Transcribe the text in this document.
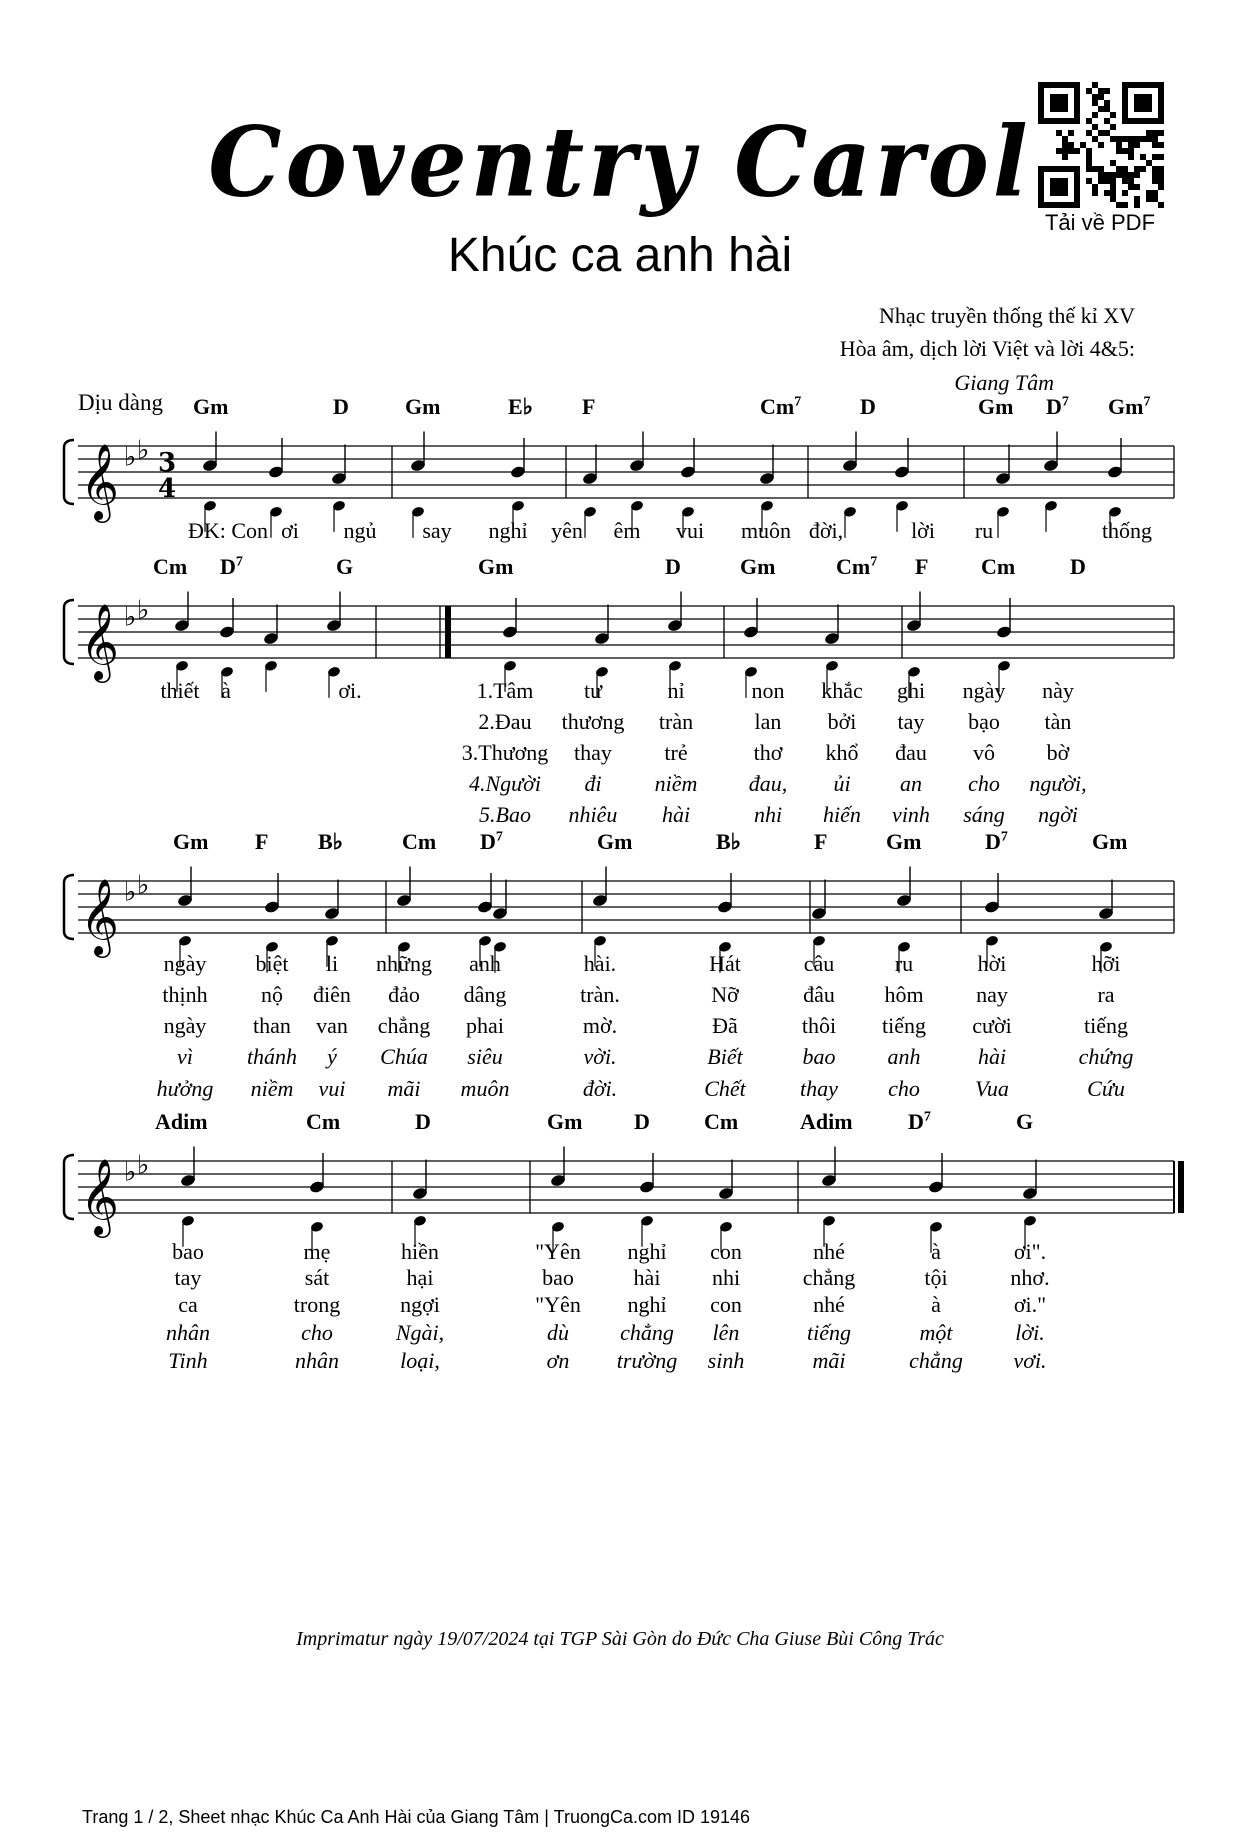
Coventry Carol
Khúc ca anh hài
Tải về PDF
Nhạc truyền thống thế kỉ XV
Hòa âm, dịch lời Việt và lời 4&5:
Giang Tâm
Dịu dàng
𝄞 ♭ ♭ 3
4
Gm	D	Gm	E♭ F	Cm$^7$	D	Gm $D^7$ Gm$^7$
ĐK: Con ơi ngủ say nghỉ yên êm vui muôn đời,	lời ru	thống
𝄞 ♭ ♭
Cm $D^7$	G	Gm	D	Gm	Cm$^7$ F Cm D
thiết à	ơi.	1.Tâm tư	nỉ	non khắc ghi ngày này
2.Đau thương tràn	lan bởi tay bạo tàn
3.Thương thay trẻ	thơ khổ đau vô bờ
4.Người đi niềm đau, ủi an cho người,
5.Bao nhiêu hài	nhi hiến vinh sáng ngời
𝄞 ♭ ♭
Gm F B♭	Cm $D^7$	Gm	B♭	F	Gm	$D^7$	Gm
ngày biệt li những anh	hài.	Hát	câu	ru	hời	hỡi
thịnh nộ điên đảo dâng	tràn.	Nỡ	đâu hôm nay	ra
ngày than van chẳng phai	mờ.	Đã	thôi tiếng cười	tiếng
vì thánh ý Chúa siêu	vời.	Biết	bao anh	hài	chứng
hưởng niềm vui mãi muôn	đời.	Chết thay cho	Vua	Cứu
𝄞 ♭ ♭
Adim	Cm	D	Gm D Cm	Adim	$D^7$	G
bao	mẹ	hiền	"Yên nghỉ con	nhé	à	ơi".
tay	sát	hại	bao	hài nhi	chẳng	tội	nhơ.
ca	trong	ngợi	"Yên nghỉ con	nhé	à	ơi."
nhân	cho	Ngài,	dù chẳng lên	tiếng	một	lời.
Tinh	nhân	loại,	ơn trường sinh	mãi	chẳng vơi.
Imprimatur ngày 19/07/2024 tại TGP Sài Gòn do Đức Cha Giuse Bùi Công Trác
Trang 1 / 2, Sheet nhạc Khúc Ca Anh Hài của Giang Tâm | TruongCa.com ID 19146
